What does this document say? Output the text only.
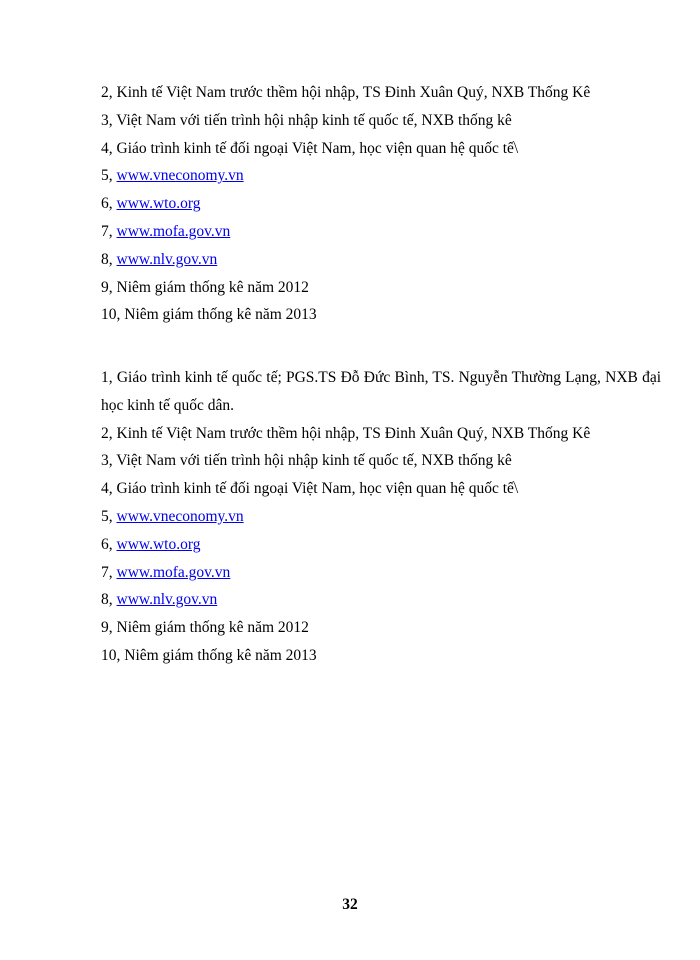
2, Kinh tế Việt Nam trước thềm hội nhập, TS Đinh Xuân Quý, NXB Thống Kê
3, Việt Nam với tiến trình hội nhập kinh tế quốc tế, NXB thống kê
4, Giáo trình kinh tế đối ngoại Việt Nam, học viện quan hệ quốc tế\
5, www.vneconomy.vn
6, www.wto.org
7, www.mofa.gov.vn
8, www.nlv.gov.vn
9, Niêm giám thống kê năm 2012
10, Niêm giám thống kê năm 2013
1, Giáo trình kinh tế quốc tế; PGS.TS Đỗ Đức Bình, TS. Nguyễn Thường Lạng, NXB đại học kinh tế quốc dân.
2, Kinh tế Việt Nam trước thềm hội nhập, TS Đinh Xuân Quý, NXB Thống Kê
3, Việt Nam với tiến trình hội nhập kinh tế quốc tế, NXB thống kê
4, Giáo trình kinh tế đối ngoại Việt Nam, học viện quan hệ quốc tế\
5, www.vneconomy.vn
6, www.wto.org
7, www.mofa.gov.vn
8, www.nlv.gov.vn
9, Niêm giám thống kê năm 2012
10, Niêm giám thống kê năm 2013
32
